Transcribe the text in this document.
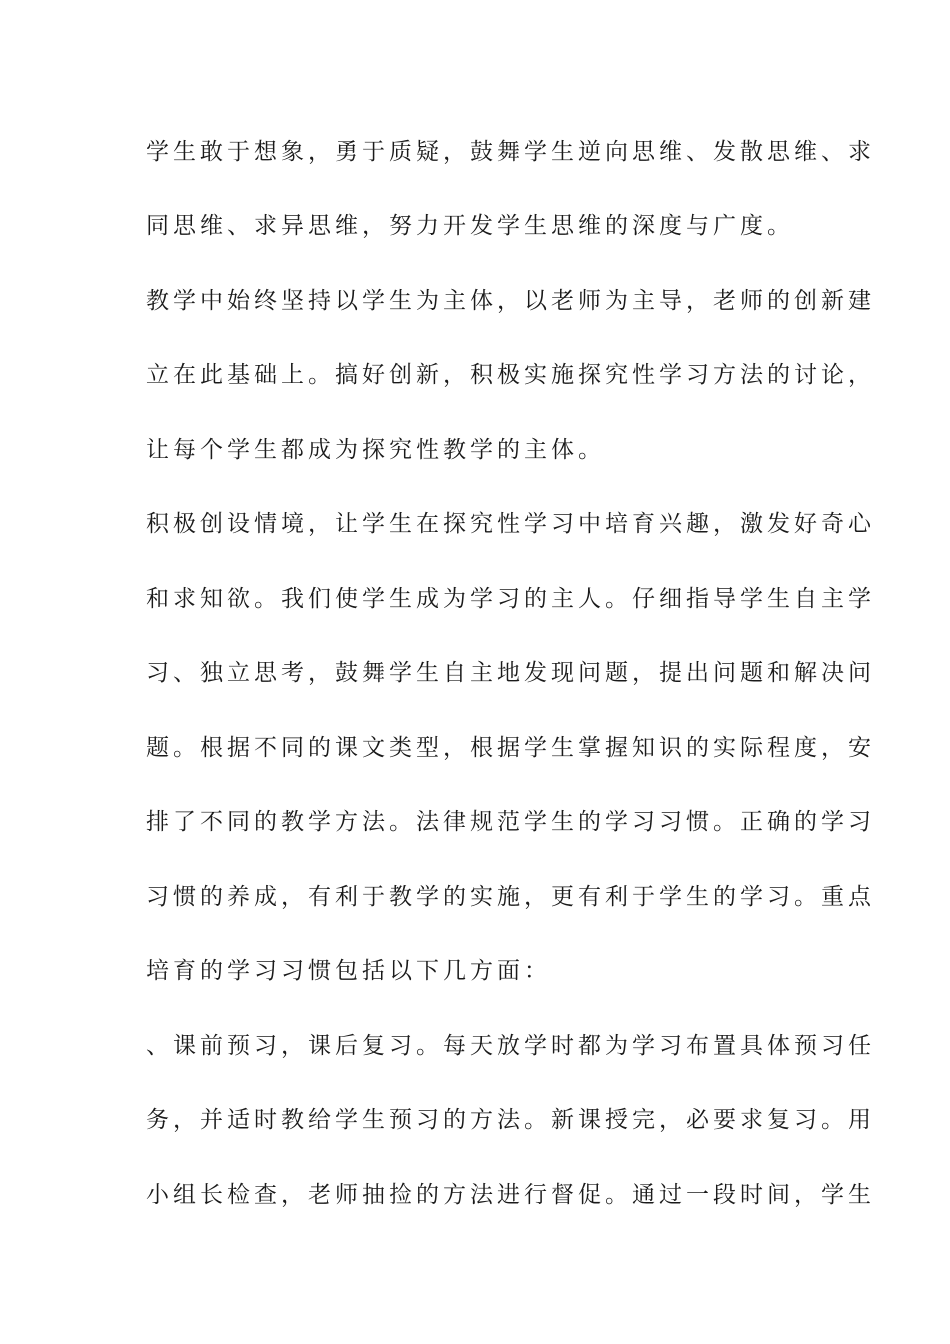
学生敢于想象，勇于质疑，鼓舞学生逆向思维、发散思维、求

同思维、求异思维，努力开发学生思维的深度与广度。

教学中始终坚持以学生为主体，以老师为主导，老师的创新建

立在此基础上。搞好创新，积极实施探究性学习方法的讨论，

让每个学生都成为探究性教学的主体。

积极创设情境，让学生在探究性学习中培育兴趣，激发好奇心

和求知欲。我们使学生成为学习的主人。仔细指导学生自主学

习、独立思考，鼓舞学生自主地发现问题，提出问题和解决问

题。根据不同的课文类型，根据学生掌握知识的实际程度，安

排了不同的教学方法。法律规范学生的学习习惯。正确的学习

习惯的养成，有利于教学的实施，更有利于学生的学习。重点

培育的学习习惯包括以下几方面：

、课前预习，课后复习。每天放学时都为学习布置具体预习任

务，并适时教给学生预习的方法。新课授完，必要求复习。用

小组长检查，老师抽捡的方法进行督促。通过一段时间，学生
